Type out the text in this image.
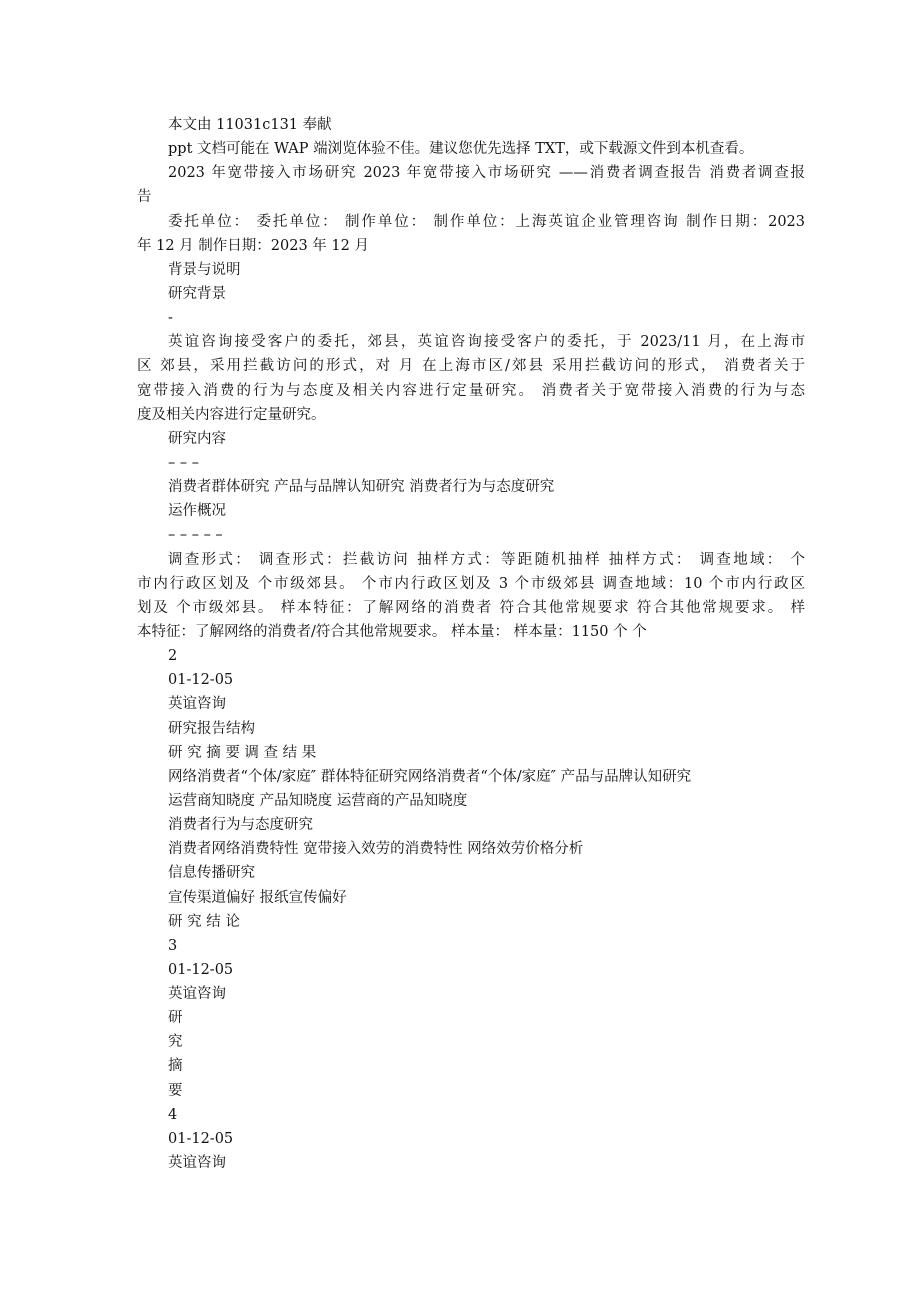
本文由 11031c131 奉献
ppt 文档可能在 WAP 端浏览体验不佳。建议您优先选择 TXT，或下载源文件到本机查看。
2023 年宽带接入市场研究 2023 年宽带接入市场研究 ——消费者调查报告 消费者调查报
告
委托单位： 委托单位： 制作单位： 制作单位：上海英谊企业管理咨询 制作日期：2023
年 12 月 制作日期：2023 年 12 月
背景与说明
研究背景
-
英谊咨询接受客户的委托，郊县，英谊咨询接受客户的委托，于 2023/11 月，在上海市
区 郊县，采用拦截访问的形式，对 月 在上海市区/郊县 采用拦截访问的形式， 消费者关于
宽带接入消费的行为与态度及相关内容进行定量研究。 消费者关于宽带接入消费的行为与态
度及相关内容进行定量研究。
研究内容
– – –
消费者群体研究 产品与品牌认知研究 消费者行为与态度研究
运作概况
– – – – –
调查形式： 调查形式：拦截访问 抽样方式：等距随机抽样 抽样方式： 调查地域： 个
市内行政区划及 个市级郊县。 个市内行政区划及 3 个市级郊县 调查地域：10 个市内行政区
划及 个市级郊县。 样本特征：了解网络的消费者 符合其他常规要求 符合其他常规要求。 样
本特征：了解网络的消费者/符合其他常规要求。 样本量： 样本量：1150 个 个
2
01-12-05
英谊咨询
研究报告结构
研 究 摘 要 调 查 结 果
网络消费者“个体/家庭″ 群体特征研究网络消费者“个体/家庭″ 产品与品牌认知研究
运营商知晓度 产品知晓度 运营商的产品知晓度
消费者行为与态度研究
消费者网络消费特性 宽带接入效劳的消费特性 网络效劳价格分析
信息传播研究
宣传渠道偏好 报纸宣传偏好
研 究 结 论
3
01-12-05
英谊咨询
研
究
摘
要
4
01-12-05
英谊咨询
